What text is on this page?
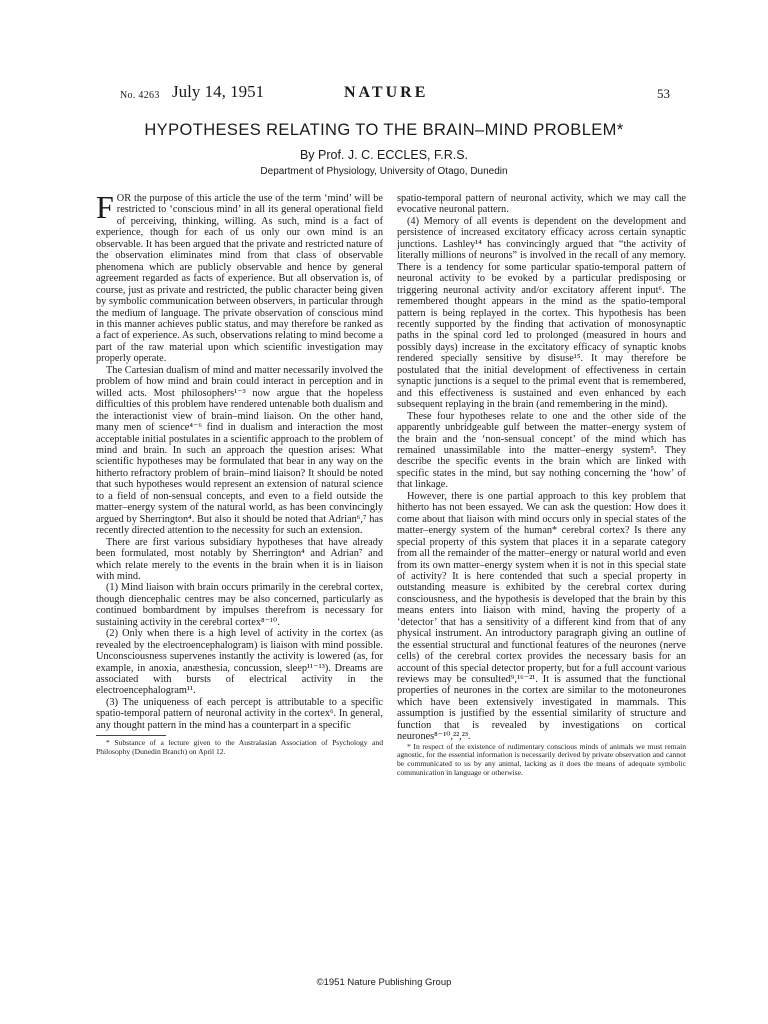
No. 4263 July 14, 1951	NATURE	53
HYPOTHESES RELATING TO THE BRAIN–MIND PROBLEM*
By Prof. J. C. ECCLES, F.R.S.
Department of Physiology, University of Otago, Dunedin

FOR the purpose of this article the use of the term ‘mind’ will be restricted to ‘conscious mind’ in all its general operational field of perceiving, thinking, willing. As such, mind is a fact of experience, though for each of us only our own mind is an observable. It has been argued that the private and restricted nature of the observation eliminates mind from that class of observable phenomena which are publicly observable and hence by general agreement regarded as facts of experience. But all observation is, of course, just as private and restricted, the public character being given by symbolic communication between observers, in particular through the medium of language. The private observation of conscious mind in this manner achieves public status, and may therefore be ranked as a fact of experience. As such, observations relating to mind become a part of the raw material upon which scientific investigation may properly operate.

The Cartesian dualism of mind and matter necessarily involved the problem of how mind and brain could interact in perception and in willed acts. Most philosophers¹⁻³ now argue that the hopeless difficulties of this problem have rendered untenable both dualism and the interactionist view of brain–mind liaison. On the other hand, many men of science⁴⁻⁶ find in dualism and interaction the most acceptable initial postulates in a scientific approach to the problem of mind and brain. In such an approach the question arises: What scientific hypotheses may be formulated that bear in any way on the hitherto refractory problem of brain–mind liaison? It should be noted that such hypotheses would represent an extension of natural science to a field of non-sensual concepts, and even to a field outside the matter–energy system of the natural world, as has been convincingly argued by Sherrington⁴. But also it should be noted that Adrian⁶,⁷ has recently directed attention to the necessity for such an extension.

There are first various subsidiary hypotheses that have already been formulated, most notably by Sherrington⁴ and Adrian⁷ and which relate merely to the events in the brain when it is in liaison with mind.

(1) Mind liaison with brain occurs primarily in the cerebral cortex, though diencephalic centres may be also concerned, particularly as continued bombardment by impulses therefrom is necessary for sustaining activity in the cerebral cortex⁸⁻¹⁰.

(2) Only when there is a high level of activity in the cortex (as revealed by the electroencephalogram) is liaison with mind possible. Unconsciousness supervenes instantly the activity is lowered (as, for example, in anoxia, anæsthesia, concussion, sleep¹¹⁻¹³). Dreams are associated with bursts of electrical activity in the electroencephalogram¹¹.

(3) The uniqueness of each percept is attributable to a specific spatio-temporal pattern of neuronal activity in the cortex⁶. In general, any thought pattern in the mind has a counterpart in a specific

* Substance of a lecture given to the Australasian Association of Psychology and Philosophy (Dunedin Branch) on April 12.

spatio-temporal pattern of neuronal activity, which we may call the evocative neuronal pattern.

(4) Memory of all events is dependent on the development and persistence of increased excitatory efficacy across certain synaptic junctions. Lashley¹⁴ has convincingly argued that “the activity of literally millions of neurons” is involved in the recall of any memory. There is a tendency for some particular spatio-temporal pattern of neuronal activity to be evoked by a particular predisposing or triggering neuronal activity and/or excitatory afferent input⁶. The remembered thought appears in the mind as the spatio-temporal pattern is being replayed in the cortex. This hypothesis has been recently supported by the finding that activation of monosynaptic paths in the spinal cord led to prolonged (measured in hours and possibly days) increase in the excitatory efficacy of synaptic knobs rendered specially sensitive by disuse¹⁵. It may therefore be postulated that the initial development of effectiveness in certain synaptic junctions is a sequel to the primal event that is remembered, and this effectiveness is sustained and even enhanced by each subsequent replaying in the brain (and remembering in the mind).

These four hypotheses relate to one and the other side of the apparently unbridgeable gulf between the matter–energy system of the brain and the ‘non-sensual concept’ of the mind which has remained unassimilable into the matter–energy system⁵. They describe the specific events in the brain which are linked with specific states in the mind, but say nothing concerning the ‘how’ of that linkage.

However, there is one partial approach to this key problem that hitherto has not been essayed. We can ask the question: How does it come about that liaison with mind occurs only in special states of the matter–energy system of the human* cerebral cortex? Is there any special property of this system that places it in a separate category from all the remainder of the matter–energy or natural world and even from its own matter–energy system when it is not in this special state of activity? It is here contended that such a special property in outstanding measure is exhibited by the cerebral cortex during consciousness, and the hypothesis is developed that the brain by this means enters into liaison with mind, having the property of a ‘detector’ that has a sensitivity of a different kind from that of any physical instrument. An introductory paragraph giving an outline of the essential structural and functional features of the neurones (nerve cells) of the cerebral cortex provides the necessary basis for an account of this special detector property, but for a full account various reviews may be consulted⁹,¹⁶⁻²¹. It is assumed that the functional properties of neurones in the cortex are similar to the motoneurones which have been extensively investigated in mammals. This assumption is justified by the essential similarity of structure and function that is revealed by investigations on cortical neurones⁸⁻¹⁰,²²,²³.

* In respect of the existence of rudimentary conscious minds of animals we must remain agnostic, for the essential information is necessarily derived by private observation and cannot be communicated to us by any animal, lacking as it does the means of adequate symbolic communication in language or otherwise.

©1951 Nature Publishing Group
